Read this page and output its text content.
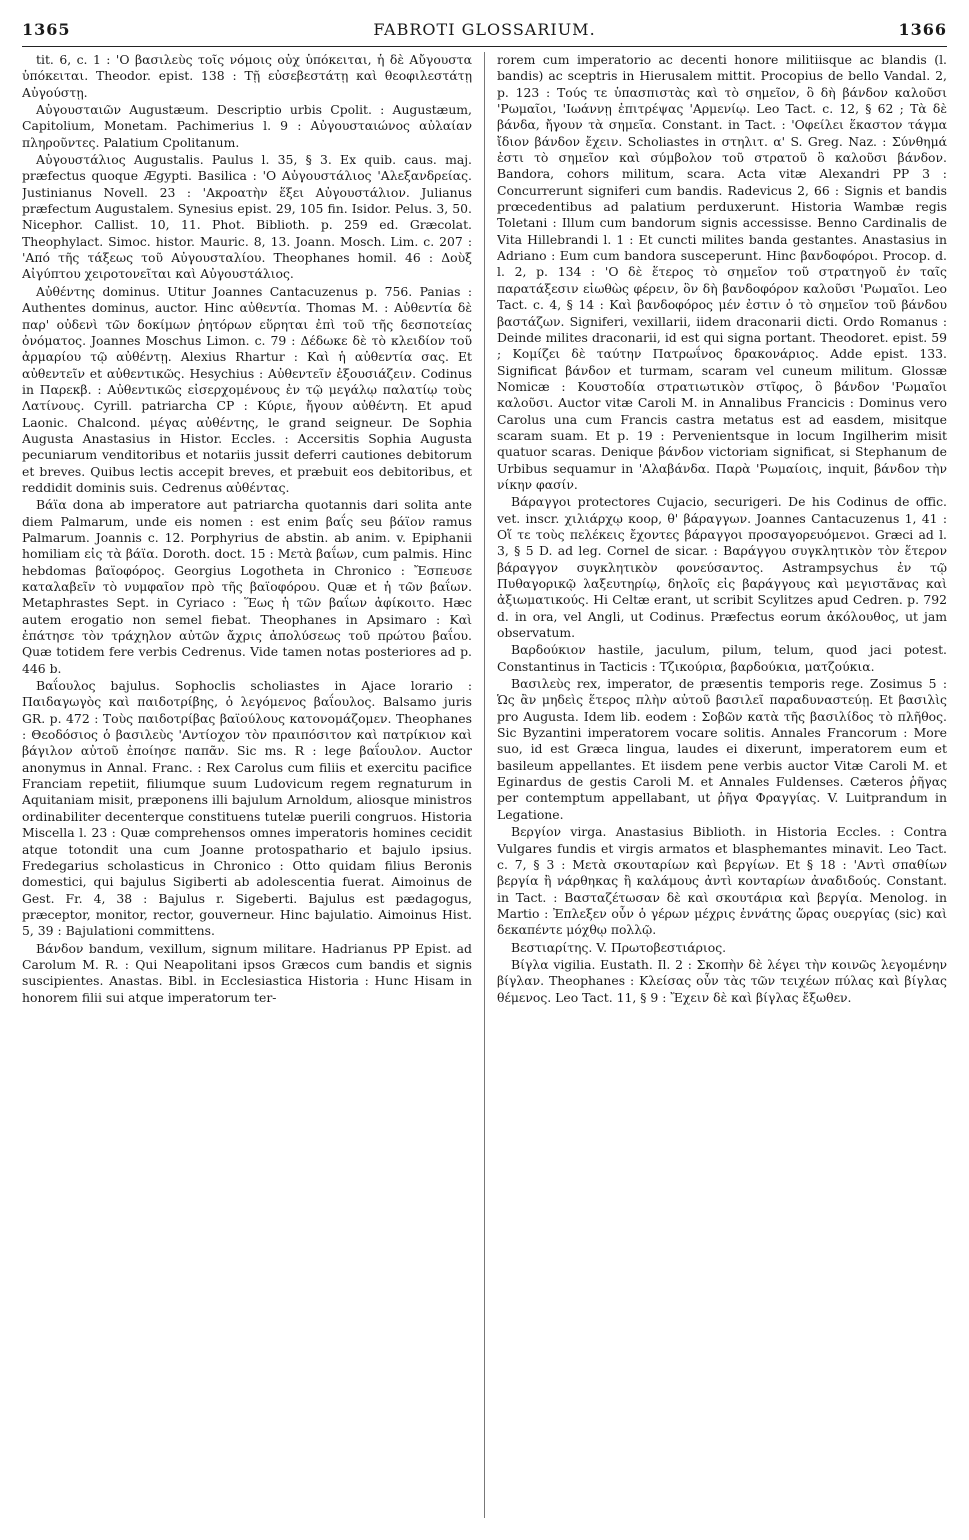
1365	FABROTI GLOSSARIUM.	1366

tit. 6, c. 1 : 'Ο βασιλεὺς τοῖς νόμοις οὐχ ὑπόκειται, ἡ δὲ Αὔγουστα ὑπόκειται. Theodor. epist. 138 : Τῇ εὐσεβεστάτῃ καὶ θεοφιλεστάτῃ Αὐγούστῃ.

Αὐγουσταιῶν Augustæum. Descriptio urbis Cpolit. : Augustæum, Capitolium, Monetam. Pachimerius l. 9 : Αὐγουσταιώνος αὐλαίαν πληροῦντες. Palatium Cpolitanum.

Αὐγουστάλιος Augustalis. Paulus l. 35, § 3. Ex quib. caus. maj. præfectus quoque Ægypti. Basilica : 'Ο Αὐγουστάλιος 'Αλεξανδρείας. Justinianus Novell. 23 : 'Ακροατὴν ἕξει Αὐγουστάλιον. Julianus præfectum Augustalem. Synesius epist. 29, 105 fin. Isidor. Pelus. 3, 50. Nicephor. Callist. 10, 11. Phot. Biblioth. p. 259 ed. Græcolat. Theophylact. Simoc. histor. Mauric. 8, 13. Joann. Mosch. Lim. c. 207 : 'Από τῆς τάξεως τοῦ Αὐγουσταλίου. Theophanes homil. 46 : Δοὺξ Αἰγύπτου χειροτονεῖται καὶ Αὐγουστάλιος.

Αὐθέντης dominus. Utitur Joannes Cantacuzenus p. 756. Panias : Authentes dominus, auctor. Hinc αὐθεντία. Thomas M. : Αὐθεντία δὲ παρ' οὐδενὶ τῶν δοκίμων ῥητόρων εὕρηται ἐπὶ τοῦ τῆς δεσποτείας ὀνόματος. Joannes Moschus Limon. c. 79 : Δέδωκε δὲ τὸ κλειδίον τοῦ ἀρμαρίου τῷ αὐθέντῃ. Alexius Rhartur : Καὶ ἡ αὐθεντία σας. Et αὐθεντεῖν et αὐθεντικῶς. Hesychius : Αὐθεντεῖν ἐξουσιάζειν. Codinus in Παρεκβ. : Αὐθεντικῶς εἰσερχομένους ἐν τῷ μεγάλῳ παλατίῳ τοὺς Λατίνους. Cyrill. patriarcha CP : Κύριε, ἤγουν αὐθέντη. Et apud Laonic. Chalcond. μέγας αὐθέντης, le grand seigneur. De Sophia Augusta Anastasius in Histor. Eccles. : Accersitis Sophia Augusta pecuniarum venditoribus et notariis jussit deferri cautiones debitorum et breves. Quibus lectis accepit breves, et præbuit eos debitoribus, et reddidit dominis suis. Cedrenus αὐθέντας.

Βάϊα dona ab imperatore aut patriarcha quotannis dari solita ante diem Palmarum, unde eis nomen : est enim βαΐς seu βάϊον ramus Palmarum. Joannis c. 12. Porphyrius de abstin. ab anim. v. Epiphanii homiliam εἰς τὰ βάϊα. Doroth. doct. 15 : Μετὰ βαΐων, cum palmis. Hinc hebdomas βαϊοφόρος. Georgius Logotheta in Chronico : Ἔσπευσε καταλαβεῖν τὸ νυμφαῖον πρὸ τῆς βαϊοφόρου. Quæ et ἡ τῶν βαΐων. Metaphrastes Sept. in Cyriaco : Ἕως ἡ τῶν βαΐων ἀφίκοιτο. Hæc autem erogatio non semel fiebat. Theophanes in Apsimaro : Καὶ ἐπάτησε τὸν τράχηλον αὐτῶν ἄχρις ἀπολύσεως τοῦ πρώτου βαΐου. Quæ totidem fere verbis Cedrenus. Vide tamen notas posteriores ad p. 446 b.

Βαΐουλος bajulus. Sophoclis scholiastes in Ajace lorario : Παιδαγωγὸς καὶ παιδοτρίβης, ὁ λεγόμενος βαΐουλος. Balsamo juris GR. p. 472 : Τοὺς παιδοτρίβας βαϊούλους κατονομάζομεν. Theophanes : Θεοδόσιος ὁ βασιλεὺς 'Αντίοχον τὸν πραιπόσιτον καὶ πατρίκιον καὶ βάγιλον αὐτοῦ ἐποίησε παπᾶν. Sic ms. R : lege βαΐουλον. Auctor anonymus in Annal. Franc. : Rex Carolus cum filiis et exercitu pacifice Franciam repetiit, filiumque suum Ludovicum regem regnaturum in Aquitaniam misit, præponens illi bajulum Arnoldum, aliosque ministros ordinabiliter decenterque constituens tutelæ puerili congruos. Historia Miscella l. 23 : Quæ comprehensos omnes imperatoris homines cecidit atque totondit una cum Joanne protospathario et bajulo ipsius. Fredegarius scholasticus in Chronico : Otto quidam filius Beronis domestici, qui bajulus Sigiberti ab adolescentia fuerat. Aimoinus de Gest. Fr. 4, 38 : Bajulus r. Sigeberti. Bajulus est pædagogus, præceptor, monitor, rector, gouverneur. Hinc bajulatio. Aimoinus Hist. 5, 39 : Bajulationi committens.

Βάνδον bandum, vexillum, signum militare. Hadrianus PP Epist. ad Carolum M. R. : Qui Neapolitani ipsos Græcos cum bandis et signis suscipientes. Anastas. Bibl. in Ecclesiastica Historia : Hunc Hisam in honorem filii sui atque imperatorum ter-

rorem cum imperatorio ac decenti honore militiisque ac blandis (l. bandis) ac sceptris in Hierusalem mittit. Procopius de bello Vandal. 2, p. 123 : Τούς τε ὑπασπιστὰς καὶ τὸ σημεῖον, ὃ δὴ βάνδον καλοῦσι 'Ρωμαῖοι, 'Ιωάννῃ ἐπιτρέψας 'Αρμενίῳ. Leo Tact. c. 12, § 62 ; Τὰ δὲ βάνδα, ἤγουν τὰ σημεῖα. Constant. in Tact. : 'Οφείλει ἕκαστον τάγμα ἴδιον βάνδον ἔχειν. Scholiastes in στηλιτ. α' S. Greg. Naz. : Σύνθημά ἐστι τὸ σημεῖον καὶ σύμβολον τοῦ στρατοῦ ὃ καλοῦσι βάνδον. Bandora, cohors militum, scara. Acta vitæ Alexandri PP 3 : Concurrerunt signiferi cum bandis. Radevicus 2, 66 : Signis et bandis prœcedentibus ad palatium perduxerunt. Historia Wambæ regis Toletani : Illum cum bandorum signis accessisse. Benno Cardinalis de Vita Hillebrandi l. 1 : Et cuncti milites banda gestantes. Anastasius in Adriano : Eum cum bandora susceperunt. Hinc βανδοφόροι. Procop. d. l. 2, p. 134 : 'Ο δὲ ἕτερος τὸ σημεῖον τοῦ στρατηγοῦ ἐν ταῖς παρατάξεσιν εἰωθὼς φέρειν, ὃν δὴ βανδοφόρον καλοῦσι 'Ρωμαῖοι. Leo Tact. c. 4, § 14 : Καὶ βανδοφόρος μέν ἐστιν ὁ τὸ σημεῖον τοῦ βάνδου βαστάζων. Signiferi, vexillarii, iidem draconarii dicti. Ordo Romanus : Deinde milites draconarii, id est qui signa portant. Theodoret. epist. 59 ; Κομίζει δὲ ταύτην Πατρωΐνος δρακονάριος. Adde epist. 133. Significat βάνδον et turmam, scaram vel cuneum militum. Glossæ Nomicæ : Κουστοδία στρατιωτικὸν στῖφος, ὃ βάνδον 'Ρωμαῖοι καλοῦσι. Auctor vitæ Caroli M. in Annalibus Francicis : Dominus vero Carolus una cum Francis castra metatus est ad easdem, misitque scaram suam. Et p. 19 : Pervenientsque in locum Ingilherim misit quatuor scaras. Denique βάνδον victoriam significat, si Stephanum de Urbibus sequamur in 'Αλαβάνδα. Παρὰ 'Ρωμαίοις, inquit, βάνδον τὴν νίκην φασίν.

Βάραγγοι protectores Cujacio, securigeri. De his Codinus de offic. vet. inscr. χιλιάρχῳ κοορ, θ' βάραγγων. Joannes Cantacuzenus 1, 41 : Οἵ τε τοὺς πελέκεις ἔχοντες βάραγγοι προσαγορευόμενοι. Græci ad l. 3, § 5 D. ad leg. Cornel de sicar. : Βαράγγου συγκλητικὸν τὸν ἕτερον βάραγγον συγκλητικὸν φονεύσαντος. Astrampsychus ἐν τῷ Πυθαγορικῷ λαξευτηρίῳ, δηλοῖς εἰς βαράγγους καὶ μεγιστᾶνας καὶ ἀξιωματικούς. Hi Celtæ erant, ut scribit Scylitzes apud Cedren. p. 792 d. in ora, vel Angli, ut Codinus. Præfectus eorum ἀκόλουθος, ut jam observatum.

Βαρδούκιον hastile, jaculum, pilum, telum, quod jaci potest. Constantinus in Tacticis : Τζικούρια, βαρδούκια, ματζούκια.

Βασιλεὺς rex, imperator, de præsentis temporis rege. Zosimus 5 : Ὡς ἂν μηδεὶς ἕτερος πλὴν αὐτοῦ βασιλεῖ παραδυναστεύῃ. Et βασιλὶς pro Augusta. Idem lib. eodem : Σοβῶν κατὰ τῆς βασιλίδος τὸ πλῆθος. Sic Byzantini imperatorem vocare solitis. Annales Francorum : More suo, id est Græca lingua, laudes ei dixerunt, imperatorem eum et basileum appellantes. Et iisdem pene verbis auctor Vitæ Caroli M. et Eginardus de gestis Caroli M. et Annales Fuldenses. Cæteros ῥῆγας per contemptum appellabant, ut ῥῆγα Φραγγίας. V. Luitprandum in Legatione.

Βεργίον virga. Anastasius Biblioth. in Historia Eccles. : Contra Vulgares fundis et virgis armatos et blasphemantes minavit. Leo Tact. c. 7, § 3 : Μετὰ σκουταρίων καὶ βεργίων. Et § 18 : 'Αντὶ σπαθίων βεργία ἢ νάρθηκας ἢ καλάμους ἀντὶ κονταρίων ἀναδιδούς. Constant. in Tact. : Βασταζέτωσαν δὲ καὶ σκουτάρια καὶ βεργία. Menolog. in Martio : Ἐπλεξεν οὖν ὁ γέρων μέχρις ἐννάτης ὥρας ουεργίας (sic) καὶ δεκαπέντε μόχθῳ πολλῷ.

Βεστιαρίτης. V. Πρωτοβεστιάριος.

Βίγλα vigilia. Eustath. Il. 2 : Σκοπὴν δὲ λέγει τὴν κοινῶς λεγομένην βίγλαν. Theophanes : Κλείσας οὖν τὰς τῶν τειχέων πύλας καὶ βίγλας θέμενος. Leo Tact. 11, § 9 : Ἔχειν δὲ καὶ βίγλας ἔξωθεν.
